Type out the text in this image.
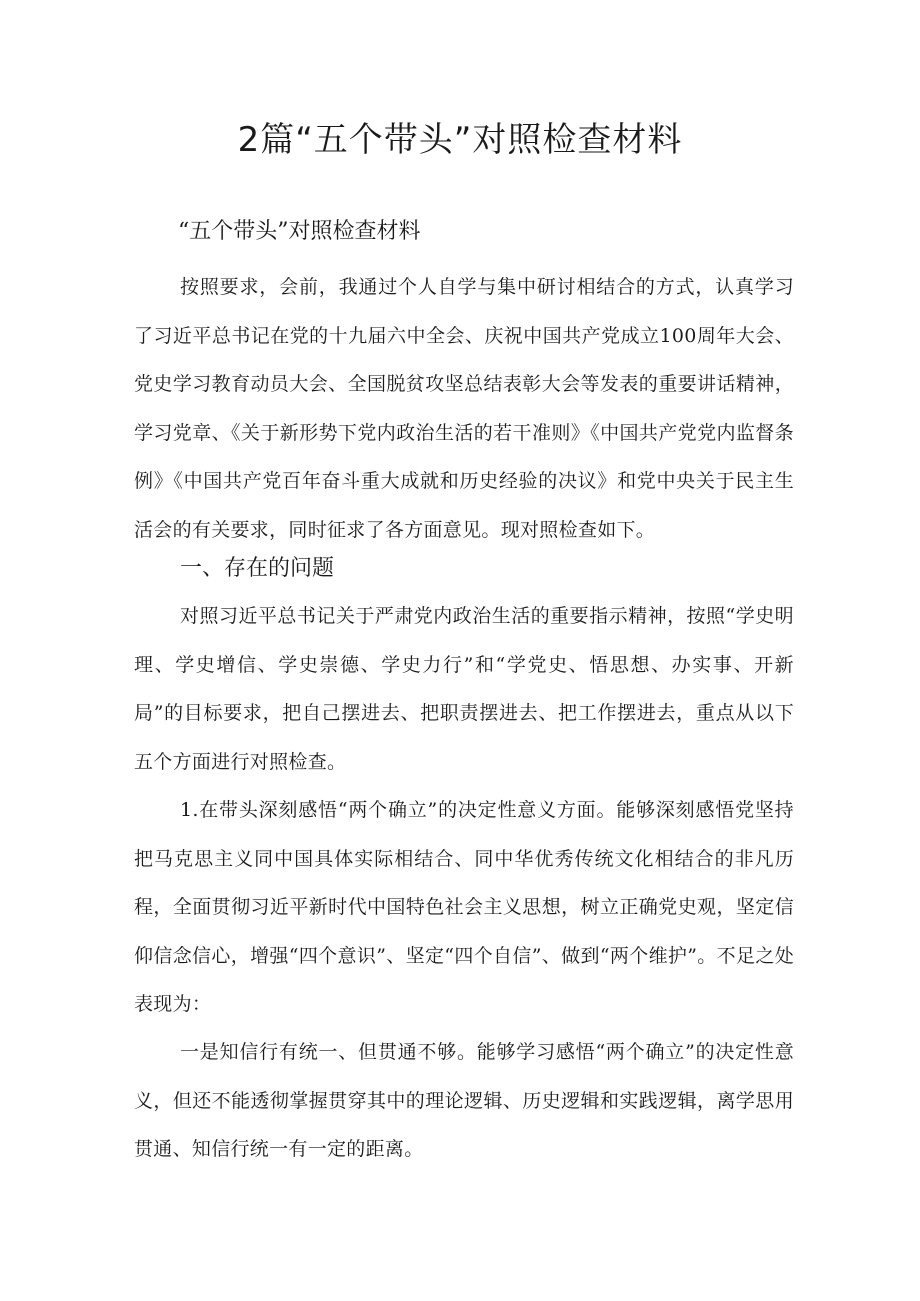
2篇“五个带头”对照检查材料
“五个带头”对照检查材料

按照要求，会前，我通过个人自学与集中研讨相结合的方式，认真学习了习近平总书记在党的十九届六中全会、庆祝中国共产党成立100周年大会、党史学习教育动员大会、全国脱贫攻坚总结表彰大会等发表的重要讲话精神，学习党章、《关于新形势下党内政治生活的若干准则》《中国共产党党内监督条例》《中国共产党百年奋斗重大成就和历史经验的决议》和党中央关于民主生活会的有关要求，同时征求了各方面意见。现对照检查如下。

一、存在的问题

对照习近平总书记关于严肃党内政治生活的重要指示精神，按照“学史明理、学史增信、学史崇德、学史力行”和“学党史、悟思想、办实事、开新局”的目标要求，把自己摆进去、把职责摆进去、把工作摆进去，重点从以下五个方面进行对照检查。

1.在带头深刻感悟“两个确立”的决定性意义方面。能够深刻感悟党坚持把马克思主义同中国具体实际相结合、同中华优秀传统文化相结合的非凡历程，全面贯彻习近平新时代中国特色社会主义思想，树立正确党史观，坚定信仰信念信心，增强“四个意识”、坚定“四个自信”、做到“两个维护”。不足之处表现为：

一是知信行有统一、但贯通不够。能够学习感悟“两个确立”的决定性意义，但还不能透彻掌握贯穿其中的理论逻辑、历史逻辑和实践逻辑，离学思用贯通、知信行统一有一定的距离。
